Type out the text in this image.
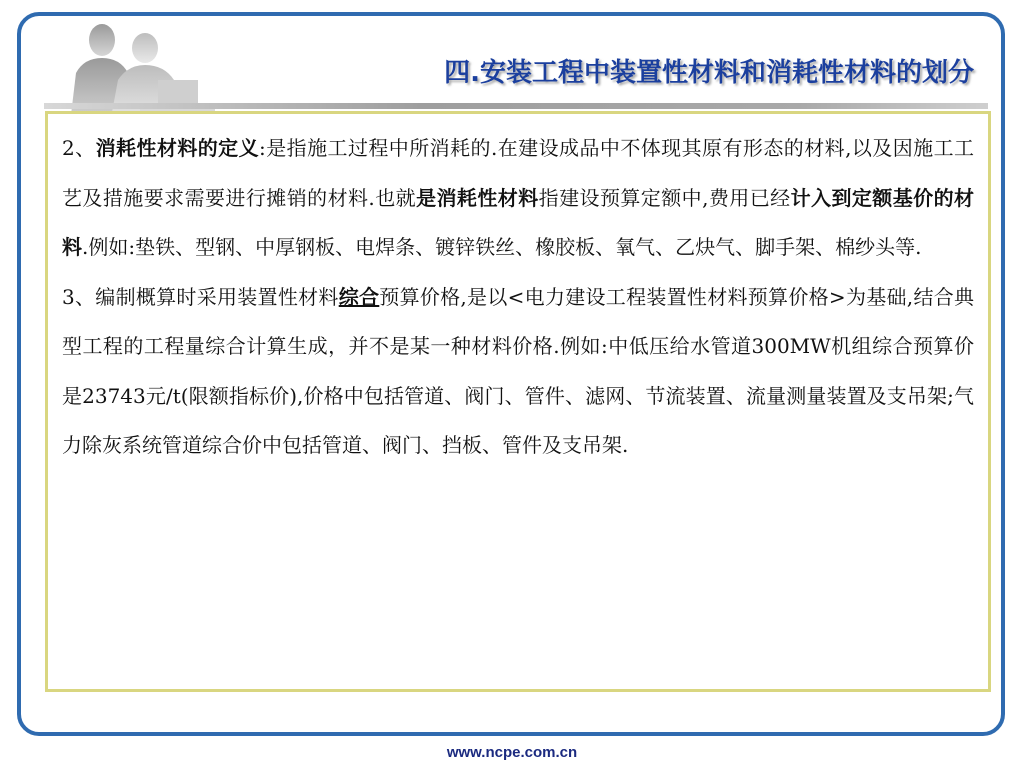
四.安装工程中装置性材料和消耗性材料的划分

2、消耗性材料的定义:是指施工过程中所消耗的.在建设成品中不体现其原有形态的材料,以及因施工工艺及措施要求需要进行摊销的材料.也就是消耗性材料指建设预算定额中,费用已经计入到定额基价的材料.例如:垫铁、型钢、中厚钢板、电焊条、镀锌铁丝、橡胶板、氧气、乙炔气、脚手架、棉纱头等.

3、编制概算时采用装置性材料综合预算价格,是以<电力建设工程装置性材料预算价格>为基础,结合典型工程的工程量综合计算生成，并不是某一种材料价格.例如:中低压给水管道300MW机组综合预算价是23743元/t(限额指标价),价格中包括管道、阀门、管件、滤网、节流装置、流量测量装置及支吊架;气力除灰系统管道综合价中包括管道、阀门、挡板、管件及支吊架.

www.ncpe.com.cn
